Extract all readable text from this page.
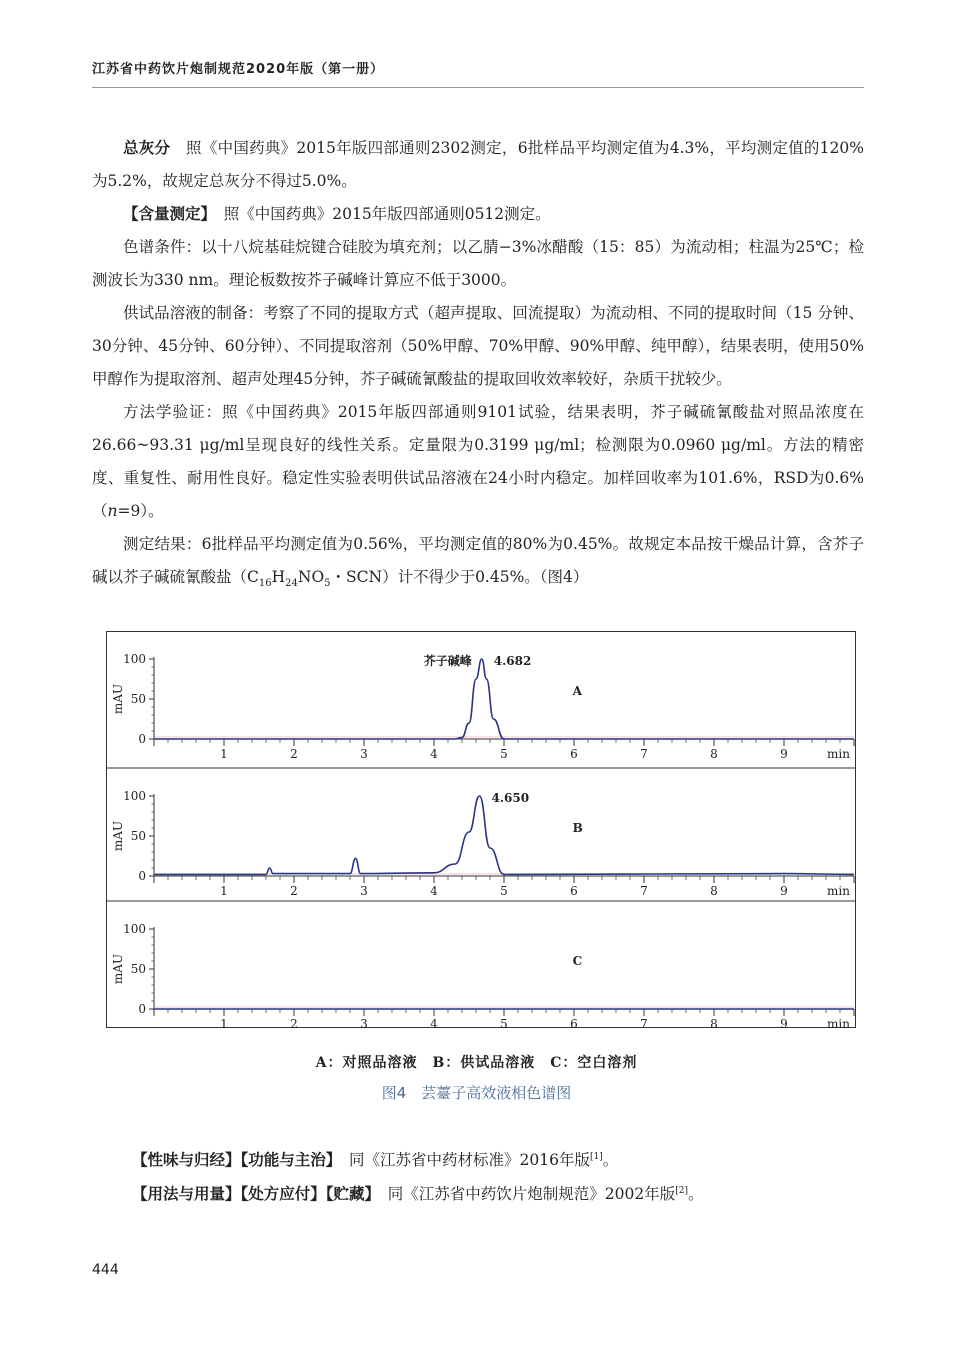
江苏省中药饮片炮制规范2020年版（第一册）

总灰分　照《中国药典》2015年版四部通则2302测定，6批样品平均测定值为4.3%，平均测定值的120%为5.2%，故规定总灰分不得过5.0%。

【含量测定】　照《中国药典》2015年版四部通则0512测定。

色谱条件：以十八烷基硅烷键合硅胶为填充剂；以乙腈−3%冰醋酸（15：85）为流动相；柱温为25℃；检测波长为330 nm。理论板数按芥子碱峰计算应不低于3000。

供试品溶液的制备：考察了不同的提取方式（超声提取、回流提取）为流动相、不同的提取时间（15 分钟、30分钟、45分钟、60分钟）、不同提取溶剂（50%甲醇、70%甲醇、90%甲醇、纯甲醇），结果表明，使用50%甲醇作为提取溶剂、超声处理45分钟，芥子碱硫氰酸盐的提取回收效率较好，杂质干扰较少。

方法学验证：照《中国药典》2015年版四部通则9101试验，结果表明，芥子碱硫氰酸盐对照品浓度在26.66~93.31 μg/ml呈现良好的线性关系。定量限为0.3199 μg/ml；检测限为0.0960 μg/ml。方法的精密度、重复性、耐用性良好。稳定性实验表明供试品溶液在24小时内稳定。加样回收率为101.6%，RSD为0.6%（n=9）。

测定结果：6批样品平均测定值为0.56%，平均测定值的80%为0.45%。故规定本品按干燥品计算，含芥子碱以芥子碱硫氰酸盐（$C_{16}H_{24}NO_5$・SCN）计不得少于0.45%。（图4）

0
50
100
mAU
1	2	3	4	5	6	7	8	9	min
A
4.682
芥子碱峰
0
50
100
mAU
1	2	3	4	5	6	7	8	9	min
B
4.650
0
50
100
mAU
1	2	3	4	5	6	7	8	9	min
C
A：对照品溶液　B：供试品溶液　C：空白溶剂
图4　芸薹子高效液相色谱图

【性味与归经】【功能与主治】　同《江苏省中药材标准》2016年版[1]。

【用法与用量】【处方应付】【贮藏】　同《江苏省中药饮片炮制规范》2002年版[2]。

444
